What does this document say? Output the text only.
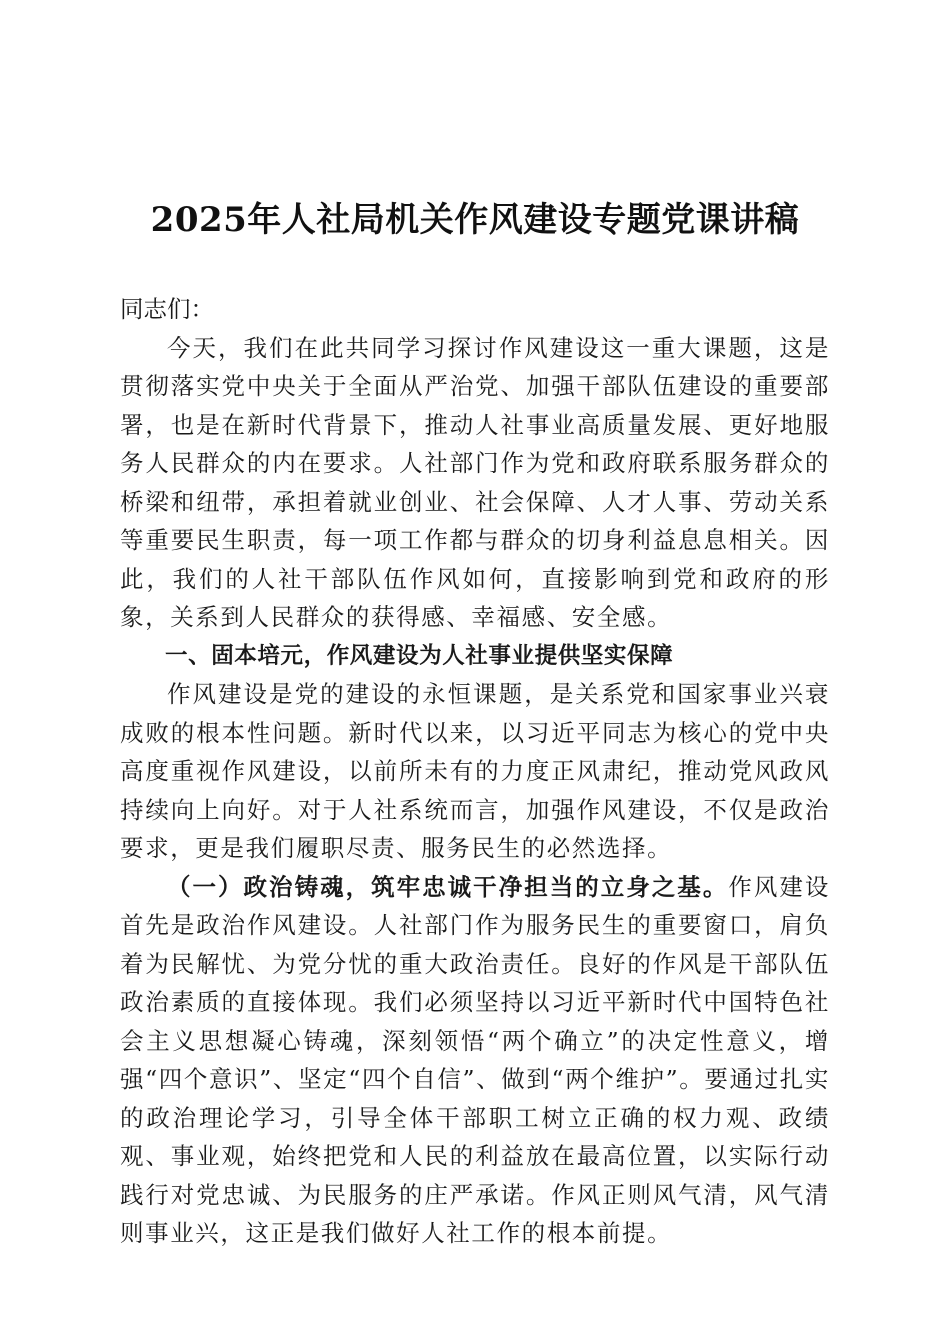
2025年人社局机关作风建设专题党课讲稿

同志们：

今天，我们在此共同学习探讨作风建设这一重大课题，这是贯彻落实党中央关于全面从严治党、加强干部队伍建设的重要部署，也是在新时代背景下，推动人社事业高质量发展、更好地服务人民群众的内在要求。人社部门作为党和政府联系服务群众的桥梁和纽带，承担着就业创业、社会保障、人才人事、劳动关系等重要民生职责，每一项工作都与群众的切身利益息息相关。因此，我们的人社干部队伍作风如何，直接影响到党和政府的形象，关系到人民群众的获得感、幸福感、安全感。

一、固本培元，作风建设为人社事业提供坚实保障

作风建设是党的建设的永恒课题，是关系党和国家事业兴衰成败的根本性问题。新时代以来，以习近平同志为核心的党中央高度重视作风建设，以前所未有的力度正风肃纪，推动党风政风持续向上向好。对于人社系统而言，加强作风建设，不仅是政治要求，更是我们履职尽责、服务民生的必然选择。

（一）政治铸魂，筑牢忠诚干净担当的立身之基。作风建设首先是政治作风建设。人社部门作为服务民生的重要窗口，肩负着为民解忧、为党分忧的重大政治责任。良好的作风是干部队伍政治素质的直接体现。我们必须坚持以习近平新时代中国特色社会主义思想凝心铸魂，深刻领悟“两个确立”的决定性意义，增强“四个意识”、坚定“四个自信”、做到“两个维护”。要通过扎实的政治理论学习，引导全体干部职工树立正确的权力观、政绩观、事业观，始终把党和人民的利益放在最高位置，以实际行动践行对党忠诚、为民服务的庄严承诺。作风正则风气清，风气清则事业兴，这正是我们做好人社工作的根本前提。
